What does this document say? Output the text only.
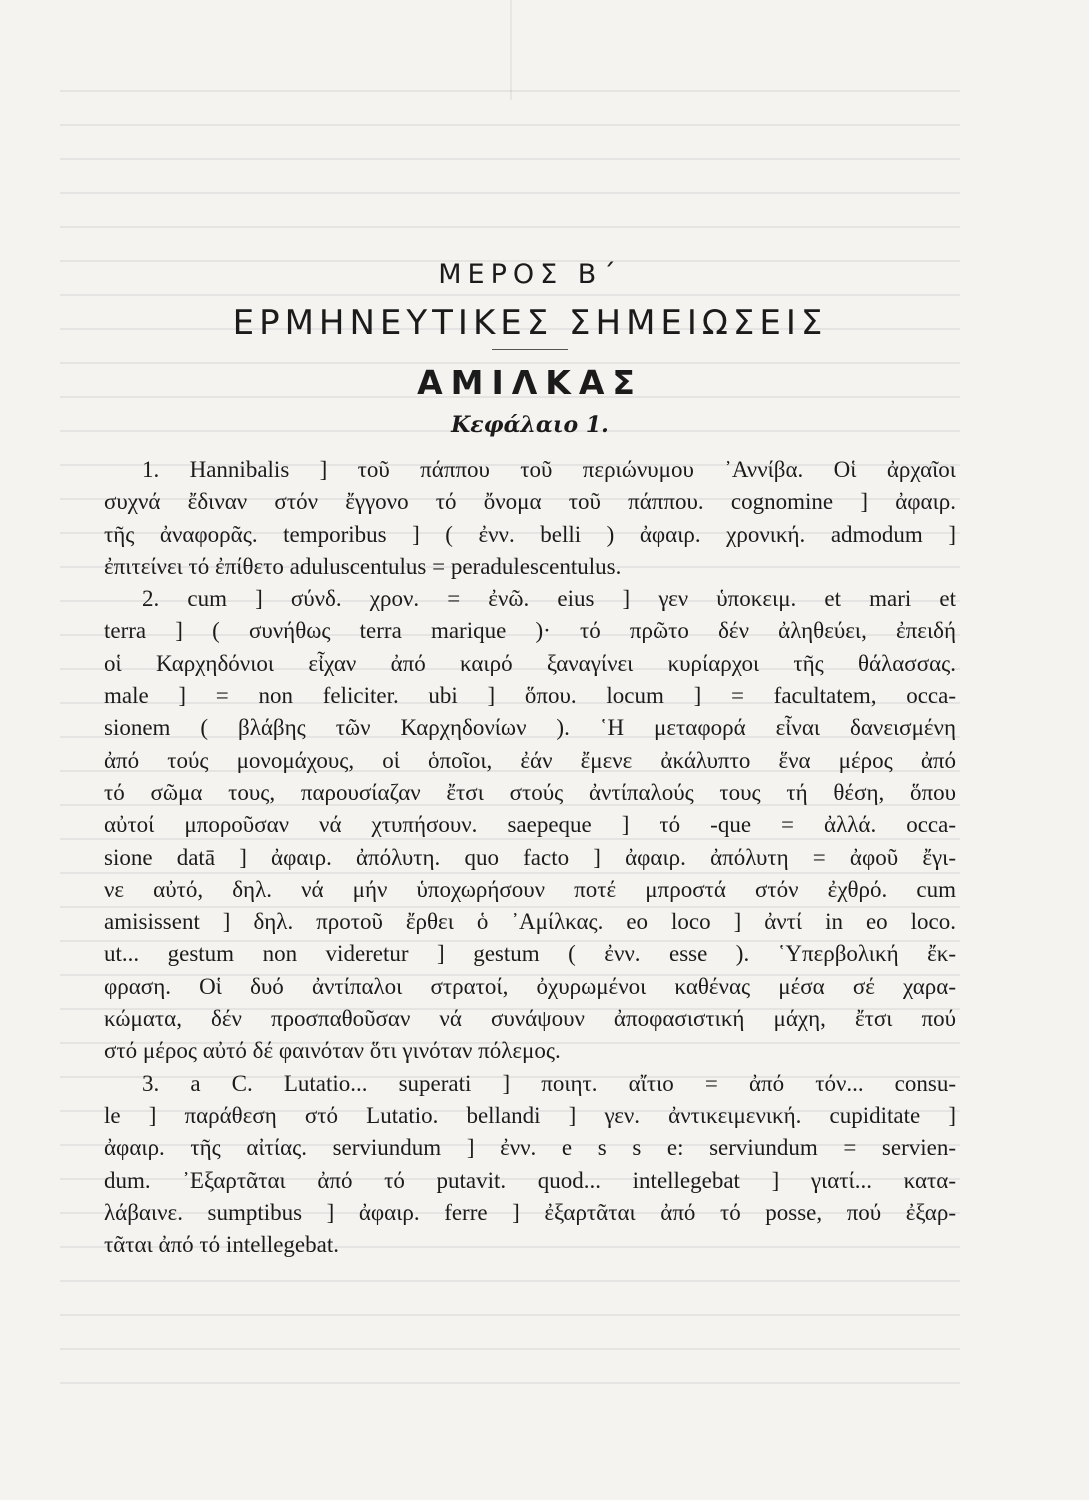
ΜΕΡΟΣ Β΄
ΕΡΜΗΝΕΥΤΙΚΕΣ ΣΗΜΕΙΩΣΕΙΣ
ΑΜΙΛΚΑΣ
Κεφάλαιο 1.
1. Hannibalis ] τοῦ πάππου τοῦ περιώνυμου ᾿Αννίβα. Οἱ ἀρχαῖοι
συχνά ἔδιναν στόν ἔγγονο τό ὄνομα τοῦ πάππου. cognomine ] ἀφαιρ.
τῆς ἀναφορᾶς. temporibus ] ( ἐνν. belli ) ἀφαιρ. χρονική. admodum ]
ἐπιτείνει τό ἐπίθετο aduluscentulus = peradulescentulus.
2. cum ] σύνδ. χρον. = ἐνῶ. eius ] γεν ὑποκειμ. et mari et
terra ] ( συνήθως terra marique )· τό πρῶτο δέν ἀληθεύει, ἐπειδή
οἱ Καρχηδόνιοι εἶχαν ἀπό καιρό ξαναγίνει κυρίαρχοι τῆς θάλασσας.
male ] = non feliciter. ubi ] ὅπου. locum ] = facultatem, occa-
sionem ( βλάβης τῶν Καρχηδονίων ). ῾Η μεταφορά εἶναι δανεισμένη
ἀπό τούς μονομάχους, οἱ ὁποῖοι, ἐάν ἔμενε ἀκάλυπτο ἕνα μέρος ἀπό
τό σῶμα τους, παρουσίαζαν ἔτσι στούς ἀντίπαλούς τους τή θέση, ὅπου
αὐτοί μποροῦσαν νά χτυπήσουν. saepeque ] τό -que = ἀλλά. occa-
sione datā ] ἀφαιρ. ἀπόλυτη. quo facto ] ἀφαιρ. ἀπόλυτη = ἀφοῦ ἔγι-
νε αὐτό, δηλ. νά μήν ὑποχωρήσουν ποτέ μπροστά στόν ἐχθρό. cum
amisissent ] δηλ. προτοῦ ἔρθει ὁ ᾿Αμίλκας. eo loco ] ἀντί in eo loco.
ut... gestum non videretur ] gestum ( ἐνν. esse ). ῾Υπερβολική ἔκ-
φραση. Οἱ δυό ἀντίπαλοι στρατοί, ὀχυρωμένοι καθένας μέσα σέ χαρα-
κώματα, δέν προσπαθοῦσαν νά συνάψουν ἀποφασιστική μάχη, ἔτσι πού
στό μέρος αὐτό δέ φαινόταν ὅτι γινόταν πόλεμος.
3. a C. Lutatio... superati ] ποιητ. αἴτιο = ἀπό τόν... consu-
le ] παράθεση στό Lutatio. bellandi ] γεν. ἀντικειμενική. cupiditate ]
ἀφαιρ. τῆς αἰτίας. serviundum ] ἐνν. e s s e: serviundum = servien-
dum. ᾿Εξαρτᾶται ἀπό τό putavit. quod... intellegebat ] γιατί... κατα-
λάβαινε. sumptibus ] ἀφαιρ. ferre ] ἐξαρτᾶται ἀπό τό posse, πού ἐξαρ-
τᾶται ἀπό τό intellegebat.
